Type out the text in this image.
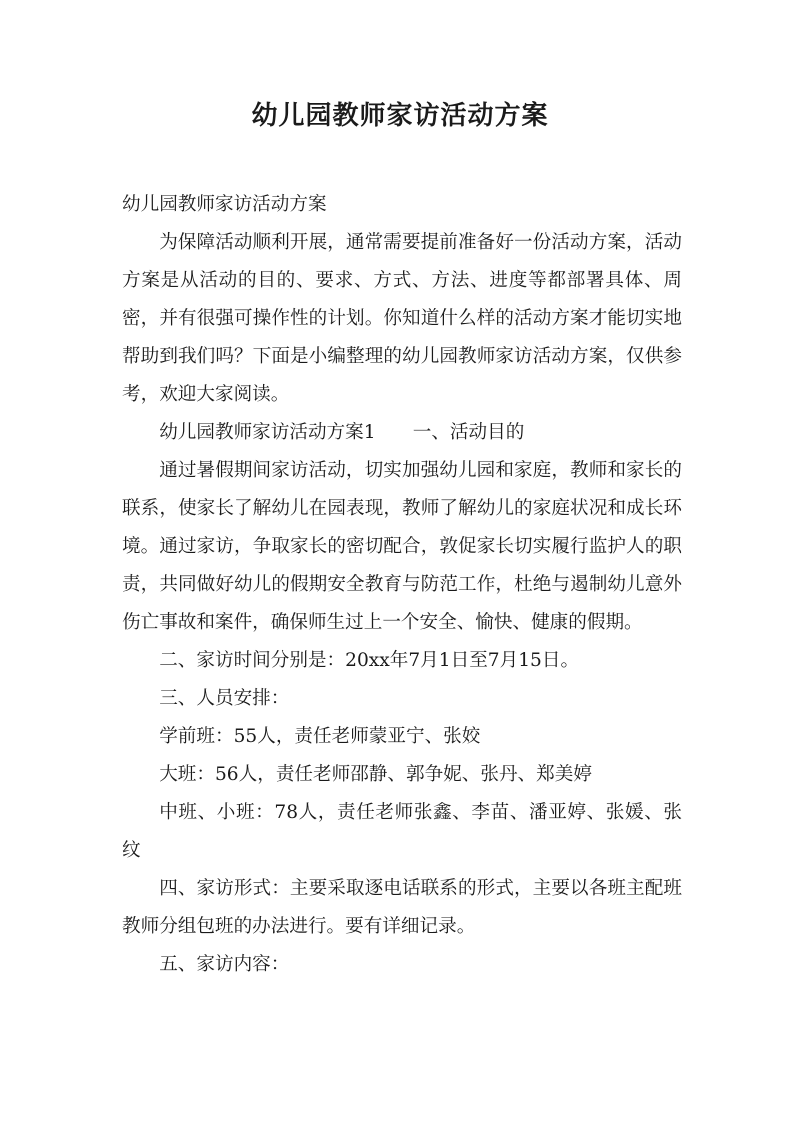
幼儿园教师家访活动方案

幼儿园教师家访活动方案

为保障活动顺利开展，通常需要提前准备好一份活动方案，活动方案是从活动的目的、要求、方式、方法、进度等都部署具体、周密，并有很强可操作性的计划。你知道什么样的活动方案才能切实地帮助到我们吗？下面是小编整理的幼儿园教师家访活动方案，仅供参考，欢迎大家阅读。

幼儿园教师家访活动方案1　　一、活动目的

通过暑假期间家访活动，切实加强幼儿园和家庭，教师和家长的联系，使家长了解幼儿在园表现，教师了解幼儿的家庭状况和成长环境。通过家访，争取家长的密切配合，敦促家长切实履行监护人的职责，共同做好幼儿的假期安全教育与防范工作，杜绝与遏制幼儿意外伤亡事故和案件，确保师生过上一个安全、愉快、健康的假期。

二、家访时间分别是：20xx年7月1日至7月15日。

三、人员安排：

学前班：55人，责任老师蒙亚宁、张姣

大班：56人，责任老师邵静、郭争妮、张丹、郑美婷

中班、小班：78人，责任老师张鑫、李苗、潘亚婷、张媛、张纹

四、家访形式：主要采取逐电话联系的形式，主要以各班主配班教师分组包班的办法进行。要有详细记录。

五、家访内容：
